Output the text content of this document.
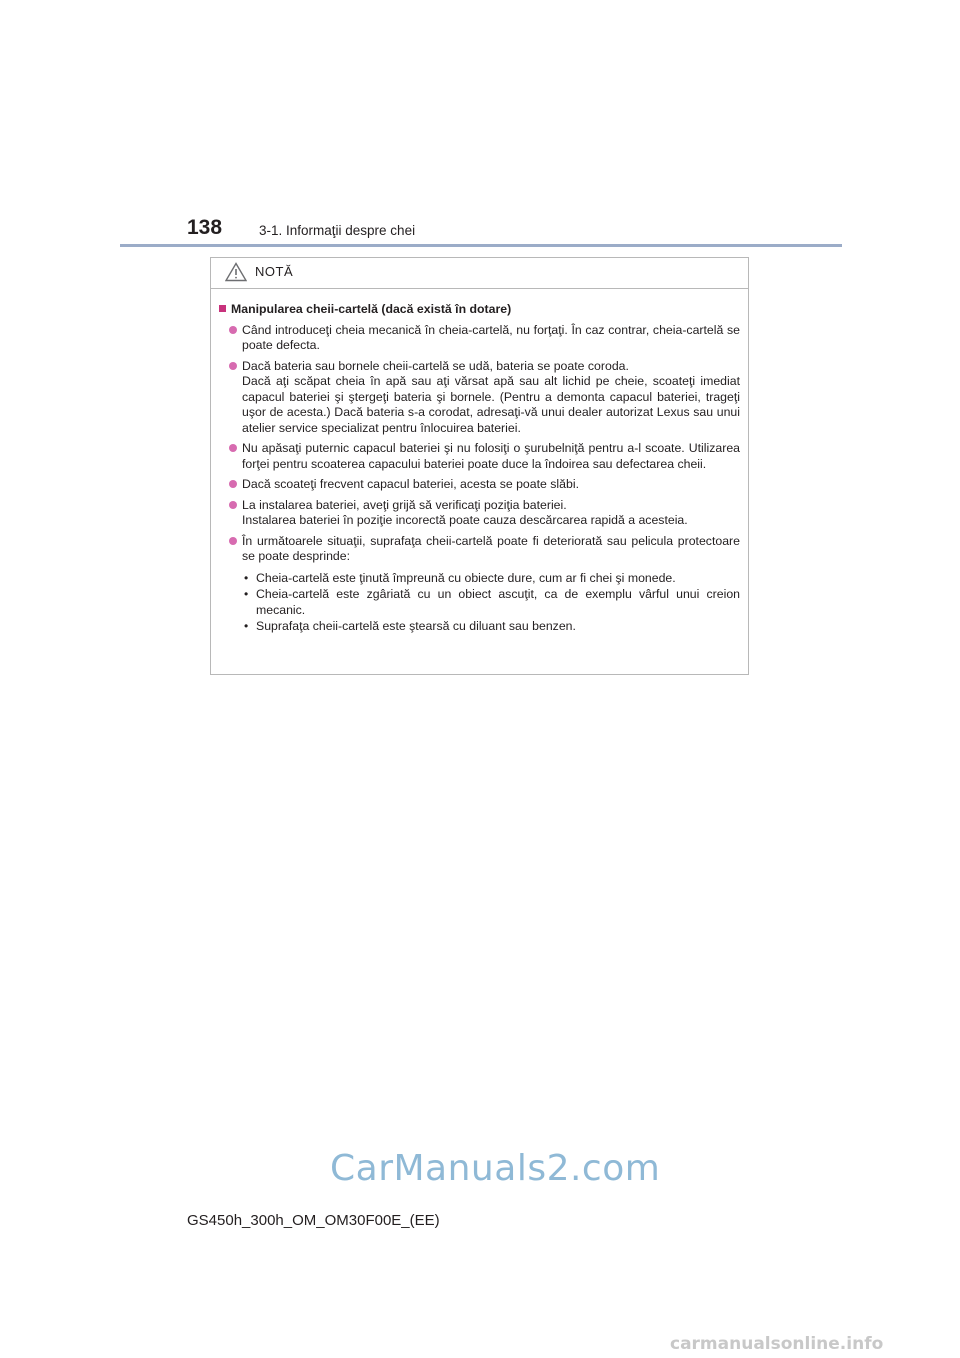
138	3-1. Informaţii despre chei
NOTĂ
Manipularea cheii-cartelă (dacă există în dotare)
Când introduceţi cheia mecanică în cheia-cartelă, nu forţaţi. În caz contrar, cheia-cartelă se poate defecta.
Dacă bateria sau bornele cheii-cartelă se udă, bateria se poate coroda.
Dacă aţi scăpat cheia în apă sau aţi vărsat apă sau alt lichid pe cheie, scoateţi imediat capacul bateriei şi ştergeţi bateria şi bornele. (Pentru a demonta capacul bateriei, trageţi uşor de acesta.) Dacă bateria s-a corodat, adresaţi-vă unui dealer autorizat Lexus sau unui atelier service specializat pentru înlocuirea bateriei.
Nu apăsaţi puternic capacul bateriei şi nu folosiţi o şurubelniţă pentru a-l scoate. Utilizarea forţei pentru scoaterea capacului bateriei poate duce la îndoirea sau defectarea cheii.
Dacă scoateţi frecvent capacul bateriei, acesta se poate slăbi.
La instalarea bateriei, aveţi grijă să verificaţi poziţia bateriei.
Instalarea bateriei în poziţie incorectă poate cauza descărcarea rapidă a acesteia.
În următoarele situaţii, suprafaţa cheii-cartelă poate fi deteriorată sau pelicula protectoare se poate desprinde:
• Cheia-cartelă este ţinută împreună cu obiecte dure, cum ar fi chei şi monede.
• Cheia-cartelă este zgâriată cu un obiect ascuţit, ca de exemplu vârful unui creion mecanic.
• Suprafaţa cheii-cartelă este ştearsă cu diluant sau benzen.
CarManuals2.com
GS450h_300h_OM_OM30F00E_(EE)
carmanualsonline.info
